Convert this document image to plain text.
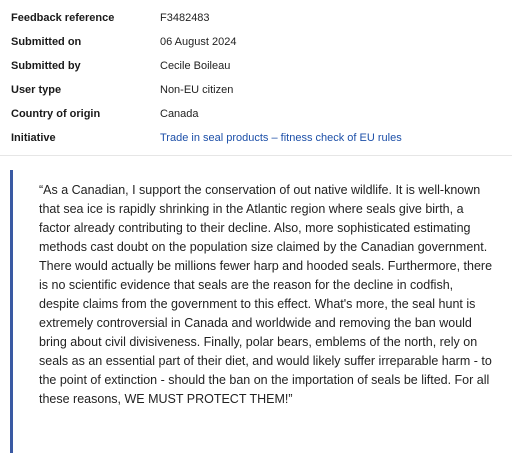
Feedback reference	F3482483
Submitted on	06 August 2024
Submitted by	Cecile Boileau
User type	Non-EU citizen
Country of origin	Canada
Initiative	Trade in seal products – fitness check of EU rules

“As a Canadian, I support the conservation of out native wildlife. It is well-known that sea ice is rapidly shrinking in the Atlantic region where seals give birth, a factor already contributing to their decline. Also, more sophisticated estimating methods cast doubt on the population size claimed by the Canadian government. There would actually be millions fewer harp and hooded seals. Furthermore, there is no scientific evidence that seals are the reason for the decline in codfish, despite claims from the government to this effect. What's more, the seal hunt is extremely controversial in Canada and worldwide and removing the ban would bring about civil divisiveness. Finally, polar bears, emblems of the north, rely on seals as an essential part of their diet, and would likely suffer irreparable harm - to the point of extinction - should the ban on the importation of seals be lifted. For all these reasons, WE MUST PROTECT THEM!”
